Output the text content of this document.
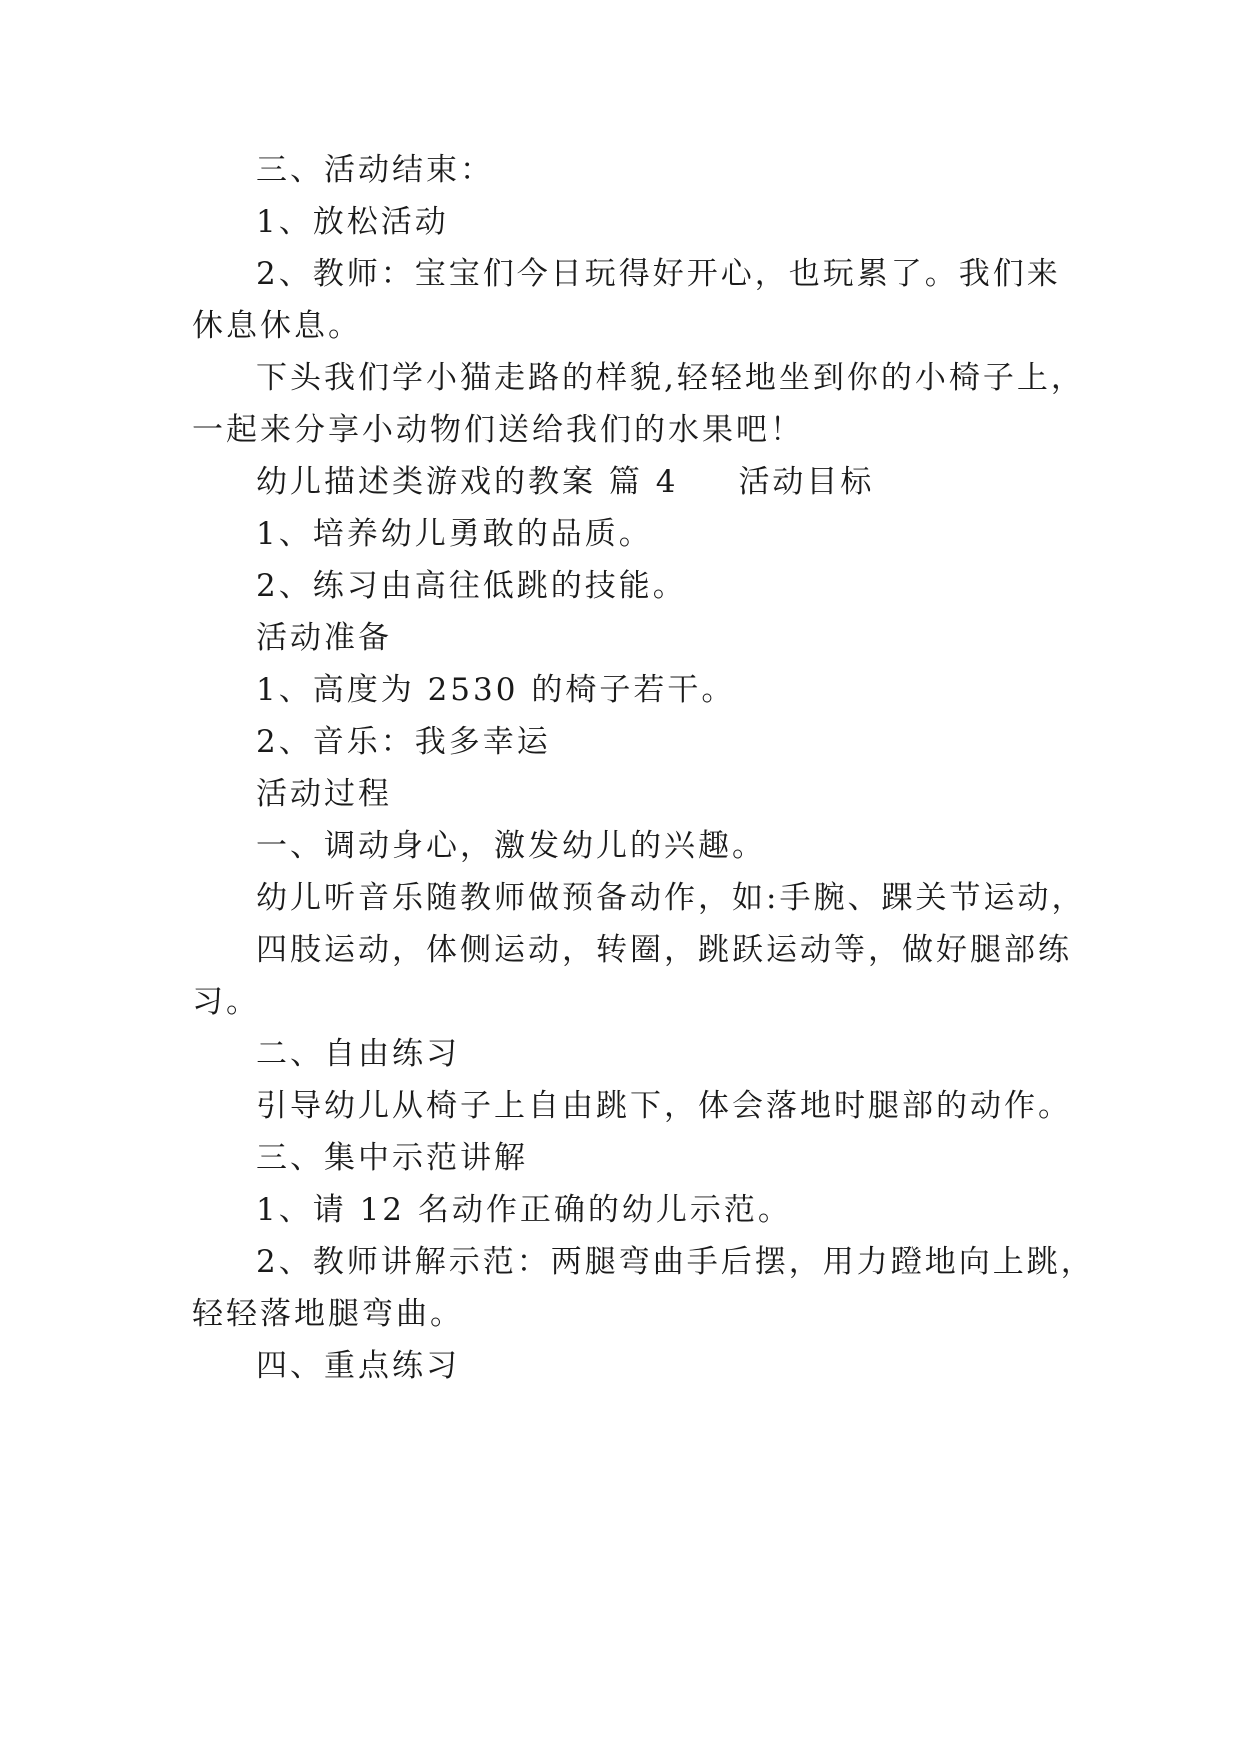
三、活动结束：
1、放松活动
2、教师：宝宝们今日玩得好开心，也玩累了。我们来
休息休息。
下头我们学小猫走路的样貌,轻轻地坐到你的小椅子上，
一起来分享小动物们送给我们的水果吧！
幼儿描述类游戏的教案 篇 4 活动目标
1、培养幼儿勇敢的品质。
2、练习由高往低跳的技能。
活动准备
1、高度为 2530 的椅子若干。
2、音乐：我多幸运
活动过程
一、调动身心，激发幼儿的兴趣。
幼儿听音乐随教师做预备动作，如:手腕、踝关节运动，
四肢运动，体侧运动，转圈，跳跃运动等，做好腿部练
习。
二、自由练习
引导幼儿从椅子上自由跳下，体会落地时腿部的动作。
三、集中示范讲解
1、请 12 名动作正确的幼儿示范。
2、教师讲解示范：两腿弯曲手后摆，用力蹬地向上跳，
轻轻落地腿弯曲。
四、重点练习
